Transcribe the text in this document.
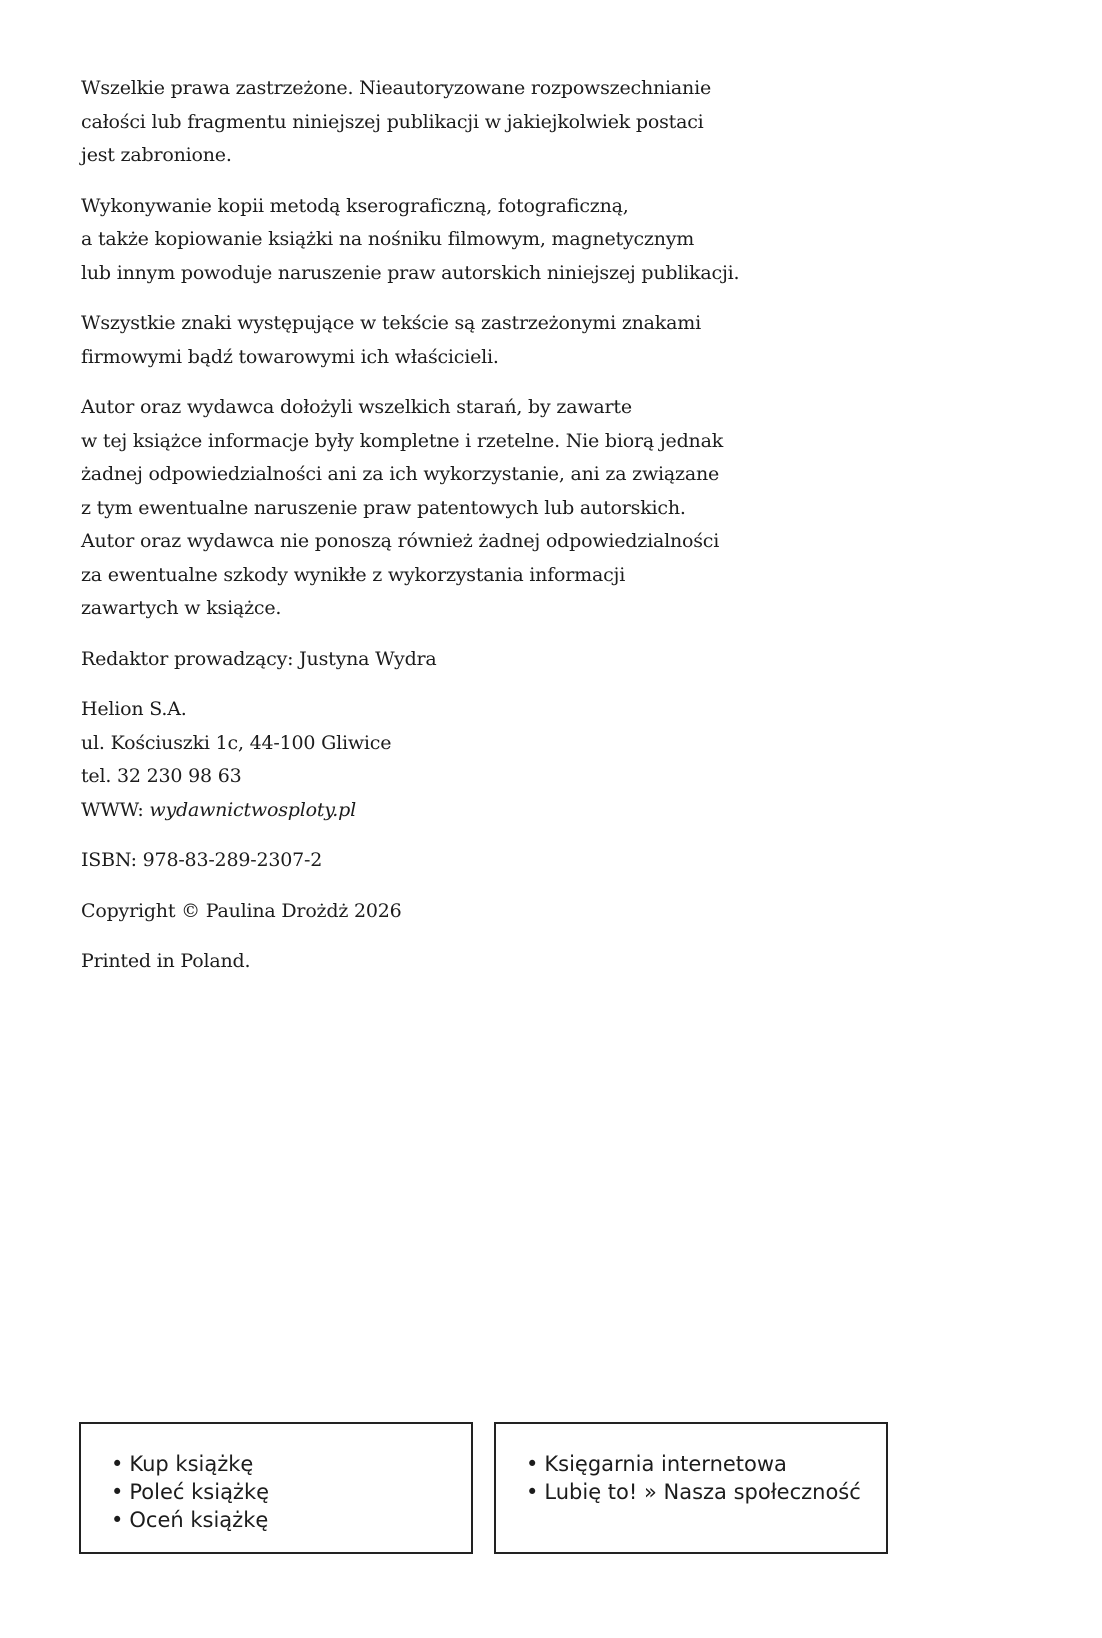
Wszelkie prawa zastrzeżone. Nieautoryzowane rozpowszechnianie
całości lub fragmentu niniejszej publikacji w jakiejkolwiek postaci
jest zabronione.

Wykonywanie kopii metodą kserograficzną, fotograficzną,
a także kopiowanie książki na nośniku filmowym, magnetycznym
lub innym powoduje naruszenie praw autorskich niniejszej publikacji.

Wszystkie znaki występujące w tekście są zastrzeżonymi znakami
firmowymi bądź towarowymi ich właścicieli.

Autor oraz wydawca dołożyli wszelkich starań, by zawarte
w tej książce informacje były kompletne i rzetelne. Nie biorą jednak
żadnej odpowiedzialności ani za ich wykorzystanie, ani za związane
z tym ewentualne naruszenie praw patentowych lub autorskich.
Autor oraz wydawca nie ponoszą również żadnej odpowiedzialności
za ewentualne szkody wynikłe z wykorzystania informacji
zawartych w książce.

Redaktor prowadzący: Justyna Wydra

Helion S.A.
ul. Kościuszki 1c, 44-100 Gliwice
tel. 32 230 98 63
WWW: wydawnictwosploty.pl

ISBN: 978-83-289-2307-2

Copyright © Paulina Drożdż 2026

Printed in Poland.

• Kup książkę
• Poleć książkę
• Oceń książkę
• Księgarnia internetowa
• Lubię to! » Nasza społeczność
